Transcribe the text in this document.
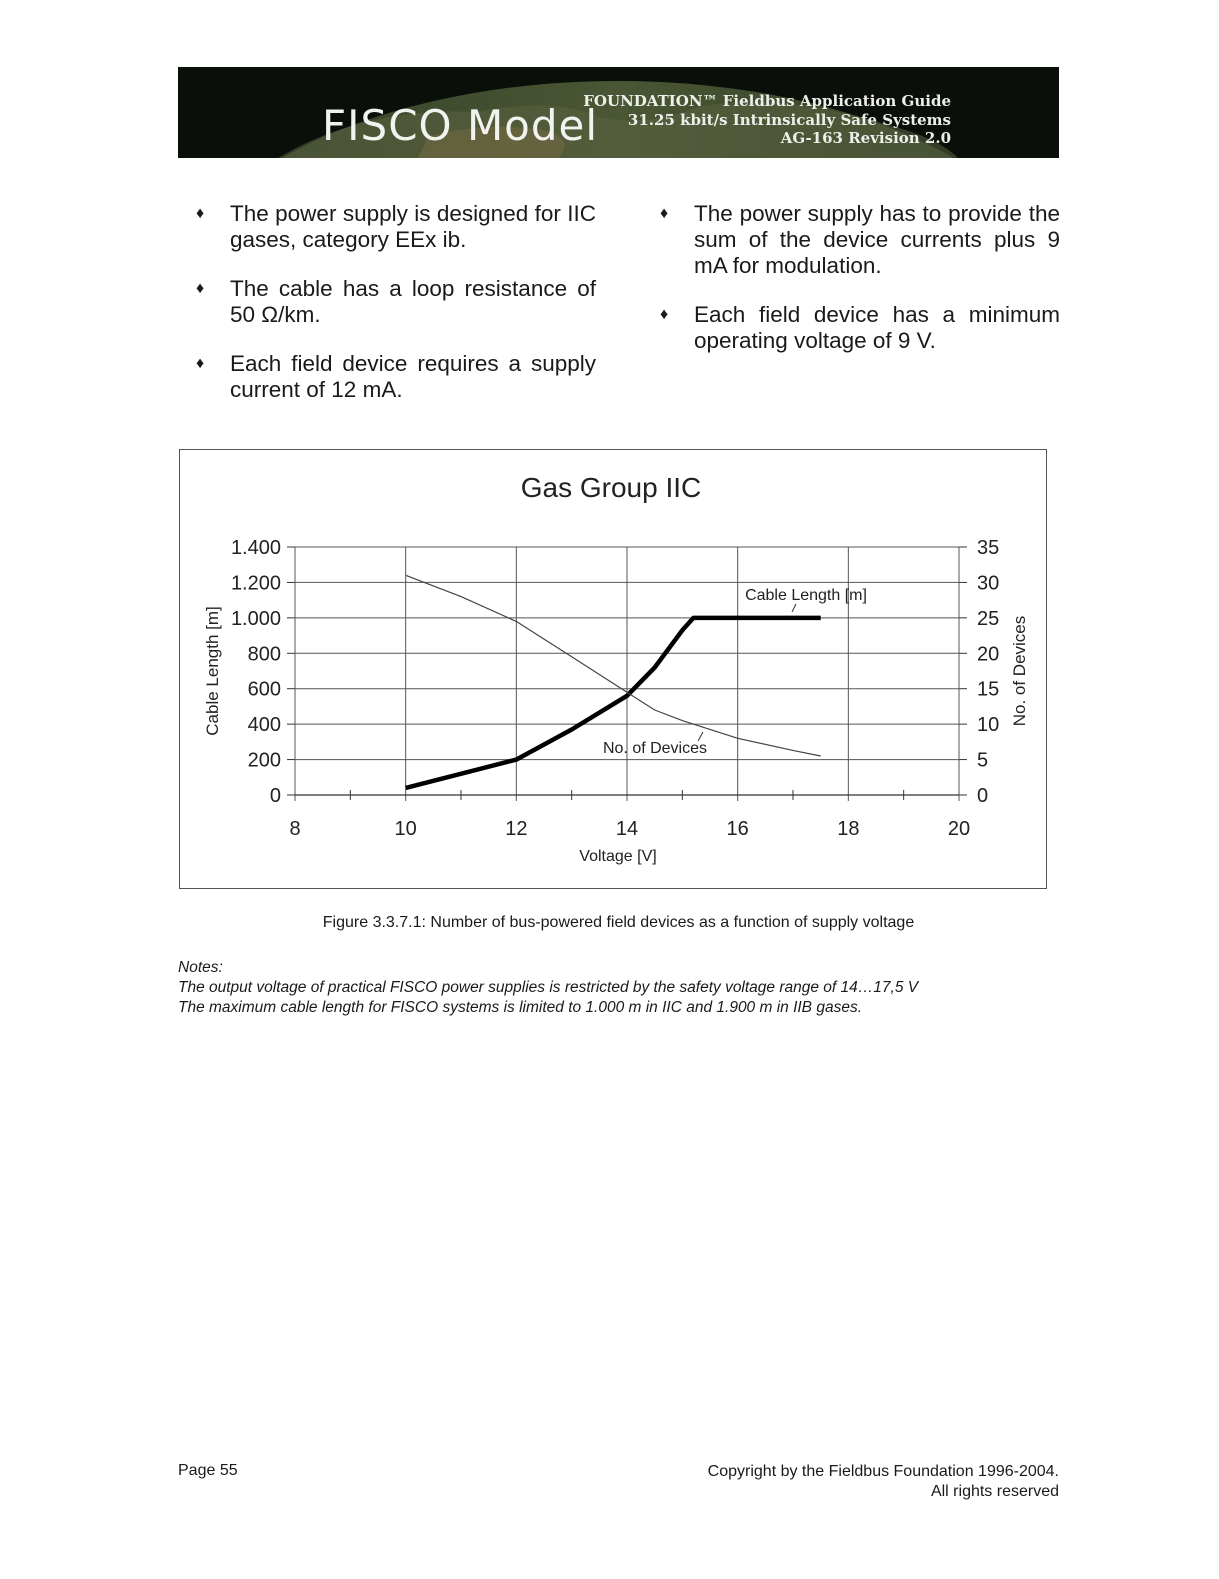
FISCO Model
FOUNDATION™ Fieldbus Application Guide
31.25 kbit/s Intrinsically Safe Systems
AG-163 Revision 2.0
♦ The power supply is designed for IIC gases, category EEx ib.
♦ The cable has a loop resistance of 50 Ω/km.
♦ Each field device requires a supply current of 12 mA.
♦ The power supply has to provide the sum of the device currents plus 9 mA for modulation.
♦ Each field device has a minimum operating voltage of 9 V.
0	0
200	5
400	10
600	15
800	20
1.000	25
1.200	30
1.400	35
8	10	12	14	16	18	20
Cable Length [m]
No. of Devices
Gas Group IIC
Voltage [V]
Cable Length [m]	No. of Devices
Figure 3.3.7.1: Number of bus-powered field devices as a function of supply voltage
Notes:
The output voltage of practical FISCO power supplies is restricted by the safety voltage range of 14…17,5 V
The maximum cable length for FISCO systems is limited to 1.000 m in IIC and 1.900 m in IIB gases.
Page 55	Copyright by the Fieldbus Foundation 1996-2004.
All rights reserved
